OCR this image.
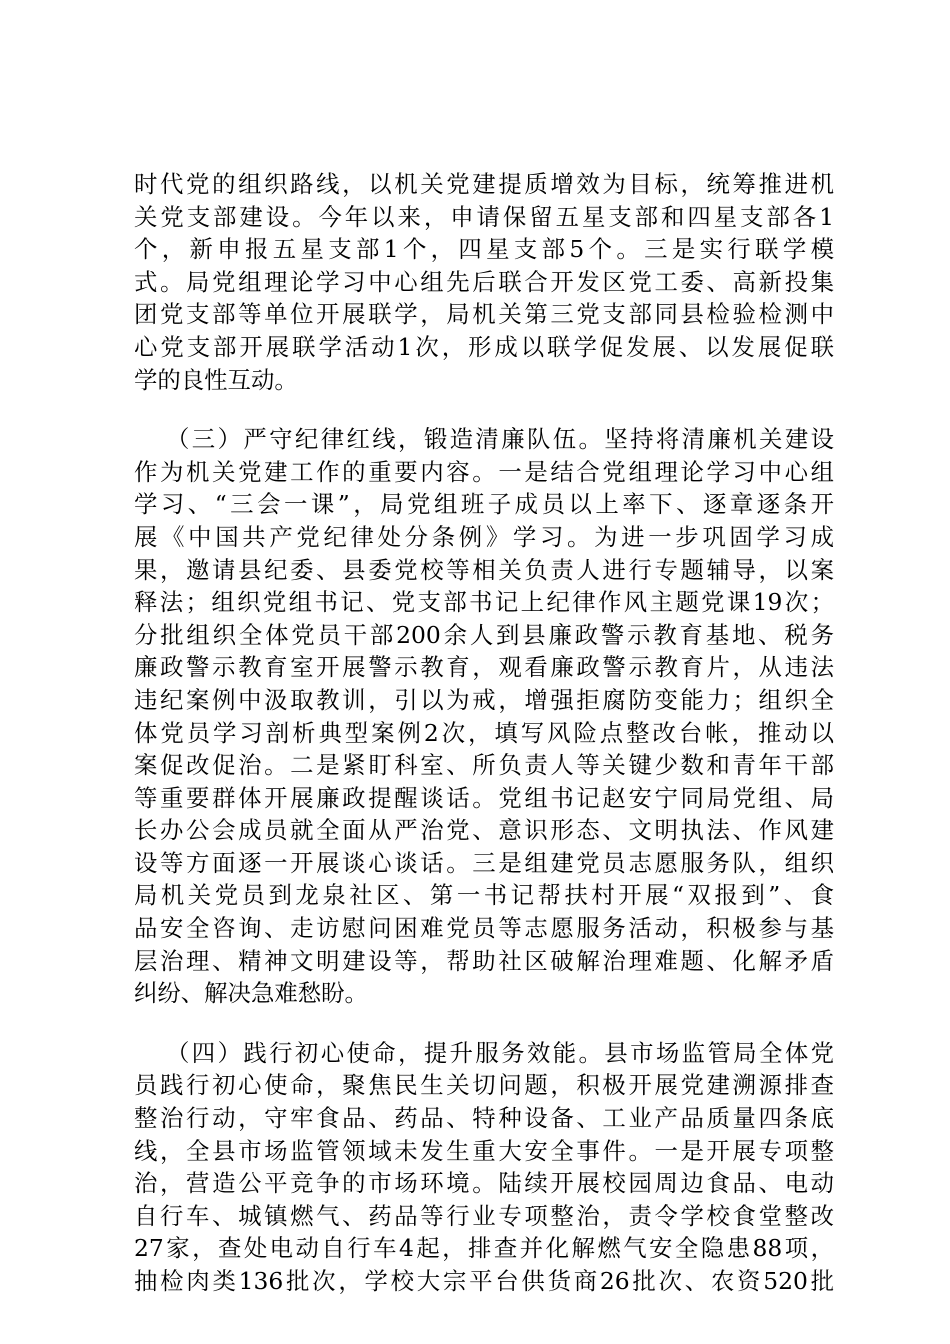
时代党的组织路线，以机关党建提质增效为目标，统筹推进机
关党支部建设。今年以来，申请保留五星支部和四星支部各1
个，新申报五星支部1个，四星支部5个。三是实行联学模
式。局党组理论学习中心组先后联合开发区党工委、高新投集
团党支部等单位开展联学，局机关第三党支部同县检验检测中
心党支部开展联学活动1次，形成以联学促发展、以发展促联
学的良性互动。
（三）严守纪律红线，锻造清廉队伍。坚持将清廉机关建设
作为机关党建工作的重要内容。一是结合党组理论学习中心组
学习、“三会一课”，局党组班子成员以上率下、逐章逐条开
展《中国共产党纪律处分条例》学习。为进一步巩固学习成
果，邀请县纪委、县委党校等相关负责人进行专题辅导，以案
释法；组织党组书记、党支部书记上纪律作风主题党课19次；
分批组织全体党员干部200余人到县廉政警示教育基地、税务
廉政警示教育室开展警示教育，观看廉政警示教育片，从违法
违纪案例中汲取教训，引以为戒，增强拒腐防变能力；组织全
体党员学习剖析典型案例2次，填写风险点整改台帐，推动以
案促改促治。二是紧盯科室、所负责人等关键少数和青年干部
等重要群体开展廉政提醒谈话。党组书记赵安宁同局党组、局
长办公会成员就全面从严治党、意识形态、文明执法、作风建
设等方面逐一开展谈心谈话。三是组建党员志愿服务队，组织
局机关党员到龙泉社区、第一书记帮扶村开展“双报到”、食
品安全咨询、走访慰问困难党员等志愿服务活动，积极参与基
层治理、精神文明建设等，帮助社区破解治理难题、化解矛盾
纠纷、解决急难愁盼。
（四）践行初心使命，提升服务效能。县市场监管局全体党
员践行初心使命，聚焦民生关切问题，积极开展党建溯源排查
整治行动，守牢食品、药品、特种设备、工业产品质量四条底
线，全县市场监管领域未发生重大安全事件。一是开展专项整
治，营造公平竞争的市场环境。陆续开展校园周边食品、电动
自行车、城镇燃气、药品等行业专项整治，责令学校食堂整改
27家，查处电动自行车4起，排查并化解燃气安全隐患88项，
抽检肉类136批次，学校大宗平台供货商26批次、农资520批
